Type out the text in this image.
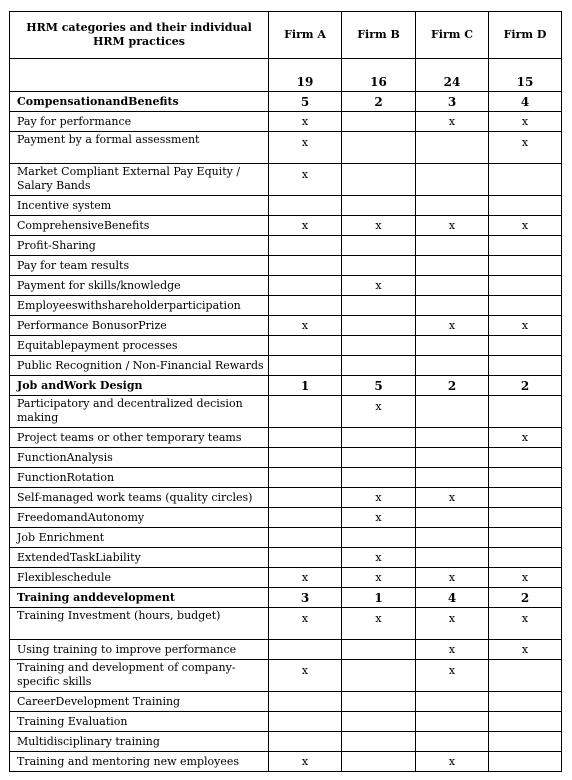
HRM categories and their individual HRM practices	Firm A	Firm B	Firm C	Firm D
	19	16	24	15
CompensationandBenefits	5	2	3	4
Pay for performance	x		x	x
Payment by a formal assessment	x			x
Market Compliant External Pay Equity / Salary Bands	x			
Incentive system				
ComprehensiveBenefits	x	x	x	x
Profit-Sharing				
Pay for team results				
Payment for skills/knowledge		x		
Employeeswithshareholderparticipation				
Performance BonusorPrize	x		x	x
Equitablepayment processes				
Public Recognition / Non-Financial Rewards				
Job andWork Design	1	5	2	2
Participatory and decentralized decision making		x		
Project teams or other temporary teams				x
FunctionAnalysis				
FunctionRotation				
Self-managed work teams (quality circles)		x	x	
FreedomandAutonomy		x		
Job Enrichment				
ExtendedTaskLiability		x		
Flexibleschedule	x	x	x	x
Training anddevelopment	3	1	4	2
Training Investment (hours, budget)	x	x	x	x
Using training to improve performance			x	x
Training and development of company-specific skills	x		x	
CareerDevelopment Training				
Training Evaluation				
Multidisciplinary training				
Training and mentoring new employees	x		x	
